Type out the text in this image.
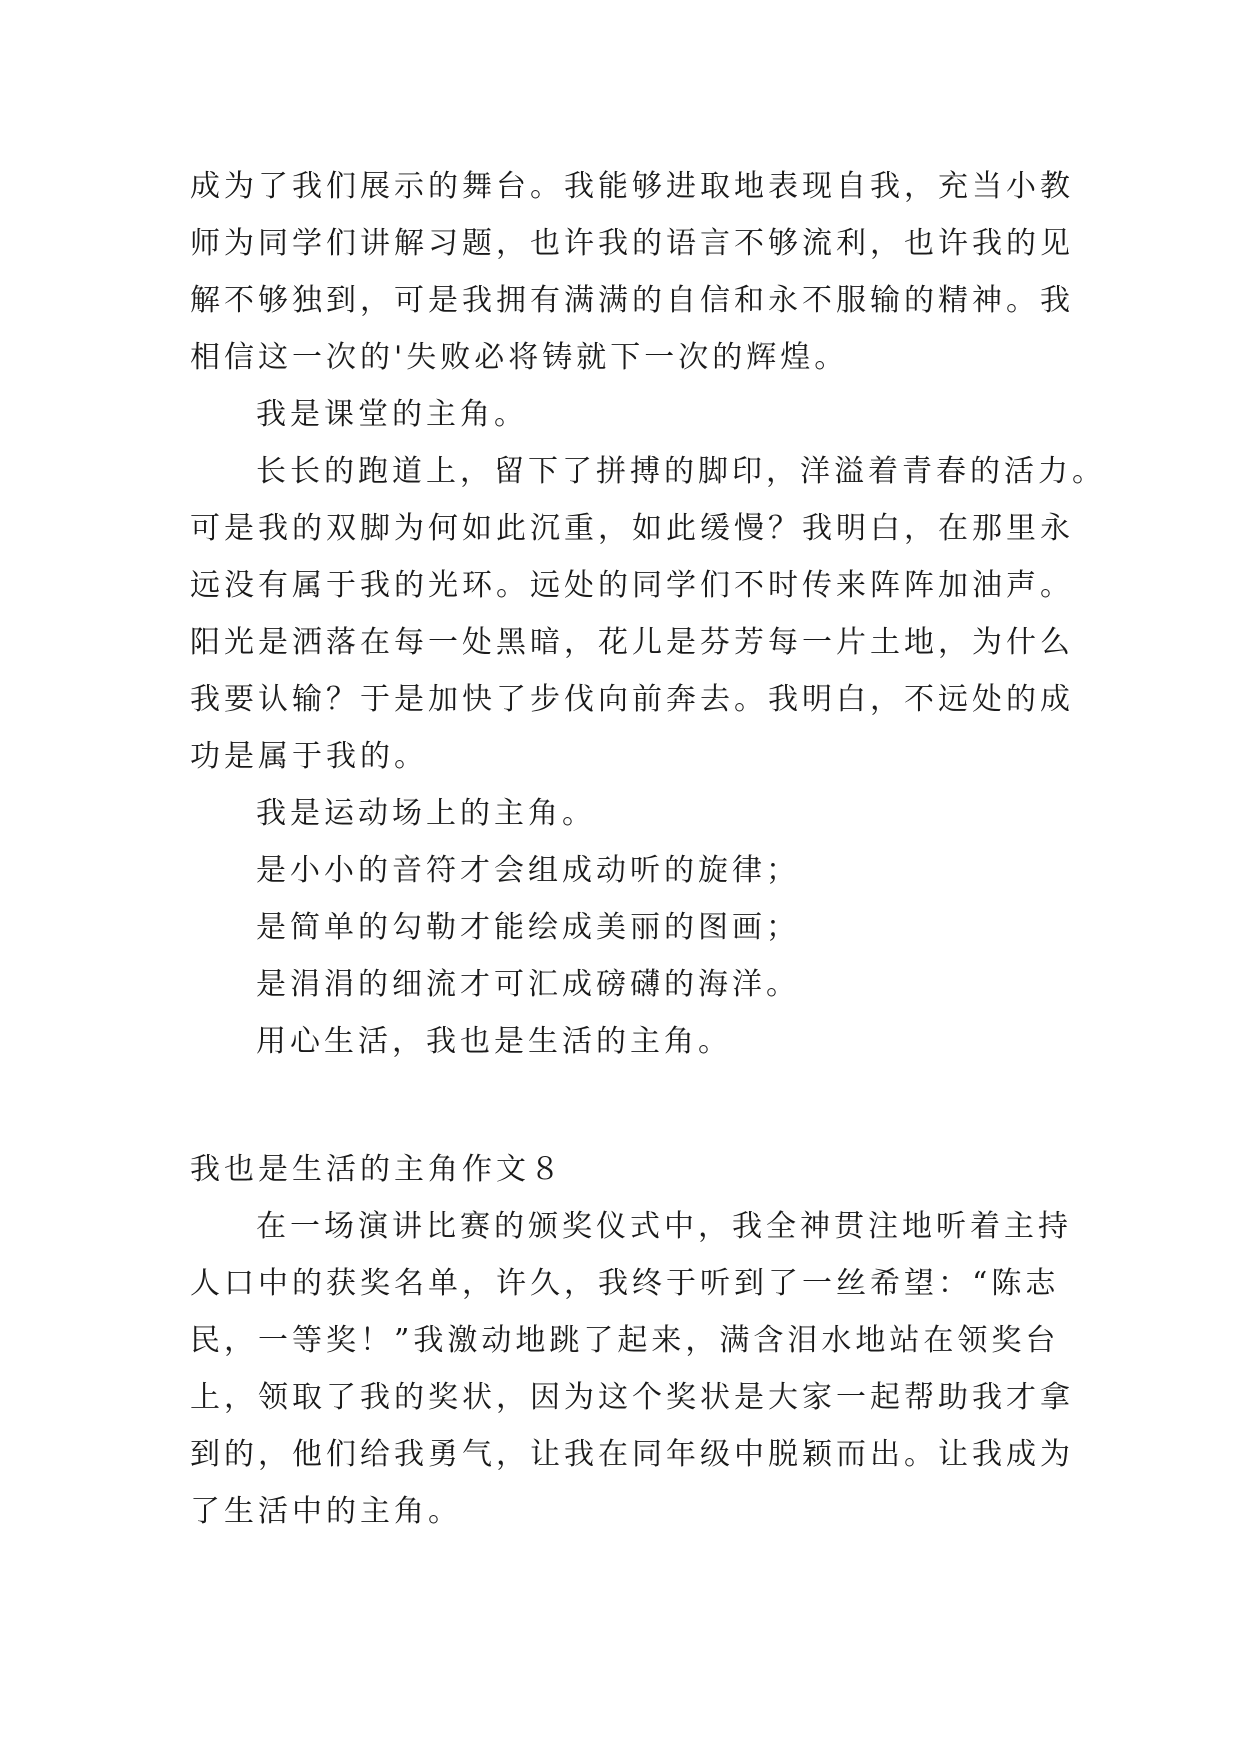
成为了我们展示的舞台。我能够进取地表现自我，充当小教
师为同学们讲解习题，也许我的语言不够流利，也许我的见
解不够独到，可是我拥有满满的自信和永不服输的精神。我
相信这一次的'失败必将铸就下一次的辉煌。
我是课堂的主角。
长长的跑道上，留下了拼搏的脚印，洋溢着青春的活力。
可是我的双脚为何如此沉重，如此缓慢？我明白，在那里永
远没有属于我的光环。远处的同学们不时传来阵阵加油声。
阳光是洒落在每一处黑暗，花儿是芬芳每一片土地，为什么
我要认输？于是加快了步伐向前奔去。我明白，不远处的成
功是属于我的。
我是运动场上的主角。
是小小的音符才会组成动听的旋律；
是简单的勾勒才能绘成美丽的图画；
是涓涓的细流才可汇成磅礴的海洋。
用心生活，我也是生活的主角。
我也是生活的主角作文８
在一场演讲比赛的颁奖仪式中，我全神贯注地听着主持
人口中的获奖名单，许久，我终于听到了一丝希望：“陈志
民，一等奖！”我激动地跳了起来，满含泪水地站在领奖台
上，领取了我的奖状，因为这个奖状是大家一起帮助我才拿
到的，他们给我勇气，让我在同年级中脱颖而出。让我成为
了生活中的主角。
